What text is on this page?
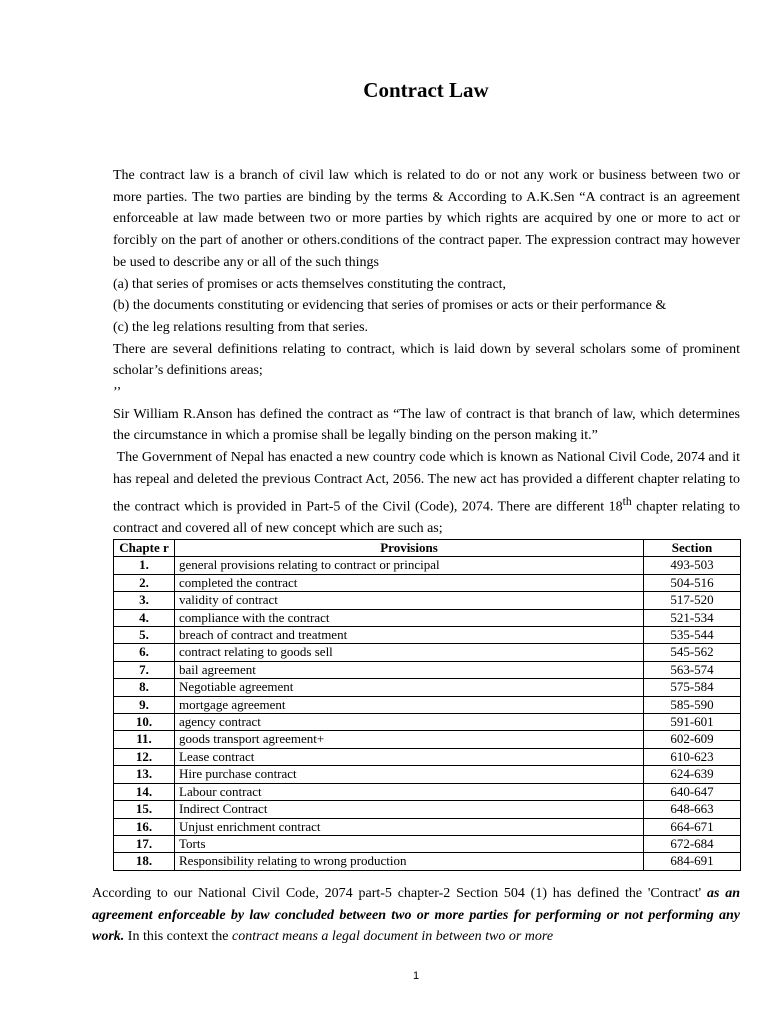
Contract Law

The contract law is a branch of civil law which is related to do or not any work or business between two or more parties. The two parties are binding by the terms & According to A.K.Sen “A contract is an agreement enforceable at law made between two or more parties by which rights are acquired by one or more to act or forcibly on the part of another or others.conditions of the contract paper. The expression contract may however be used to describe any or all of the such things

(a) that series of promises or acts themselves constituting the contract,

(b) the documents constituting or evidencing that series of promises or acts or their performance &

(c) the leg relations resulting from that series.

There are several definitions relating to contract, which is laid down by several scholars some of prominent scholar’s definitions areas;

’’

Sir William R.Anson has defined the contract as “The law of contract is that branch of law, which determines the circumstance in which a promise shall be legally binding on the person making it.”

The Government of Nepal has enacted a new country code which is known as National Civil Code, 2074 and it has repeal and deleted the previous Contract Act, 2056. The new act has provided a different chapter relating to the contract which is provided in Part-5 of the Civil (Code), 2074. There are different 18th chapter relating to contract and covered all of new concept which are such as;

Chapte r	Provisions	Section
1.	general provisions relating to contract or principal	493-503
2.	completed the contract	504-516
3.	validity of contract	517-520
4.	compliance with the contract	521-534
5.	breach of contract and treatment	535-544
6.	contract relating to goods sell	545-562
7.	bail agreement	563-574
8.	Negotiable agreement	575-584
9.	mortgage agreement	585-590
10.	agency contract	591-601
11.	goods transport agreement+	602-609
12.	Lease contract	610-623
13.	Hire purchase contract	624-639
14.	Labour contract	640-647
15.	Indirect Contract	648-663
16.	Unjust enrichment contract	664-671
17.	Torts	672-684
18.	Responsibility relating to wrong production	684-691

According to our National Civil Code, 2074 part-5 chapter-2 Section 504 (1) has defined the 'Contract' as an agreement enforceable by law concluded between two or more parties for performing or not performing any work. In this context the contract means a legal document in between two or more

1
